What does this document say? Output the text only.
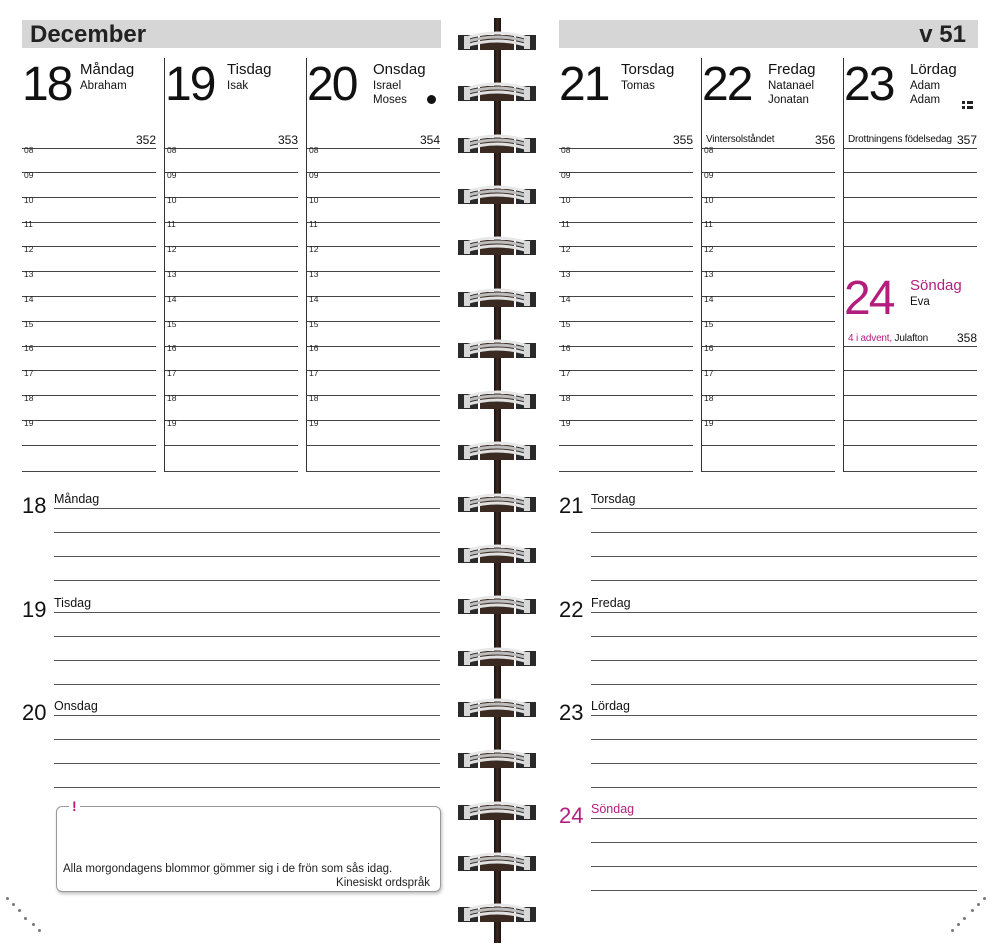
December
18 Måndag
Abraham
352
08
09
10
11
12
13
14
15
16
17
18
19
19 Tisdag
Isak
353
08
09
10
11
12
13
14
15
16
17
18
19
20 Onsdag
Israel
Moses
354
08
09
10
11
12
13
14
15
16
17
18
19
18 Måndag
19 Tisdag
20 Onsdag
!
Alla morgondagens blommor gömmer sig i de frön som sås idag.
Kinesiskt ordspråk
v 51
21 Torsdag
Tomas
355
08
09
10
11
12
13
14
15
16
17
18
19
22 Fredag
Natanael
Jonatan
Vintersolståndet	356
08
09
10
11
12
13
14
15
16
17
18
19
23 Lördag
Adam
Adam
Drottningens födelsedag 357
24 Söndag
Eva
4 i advent, Julafton 358
21 Torsdag
22 Fredag
23 Lördag
24 Söndag
